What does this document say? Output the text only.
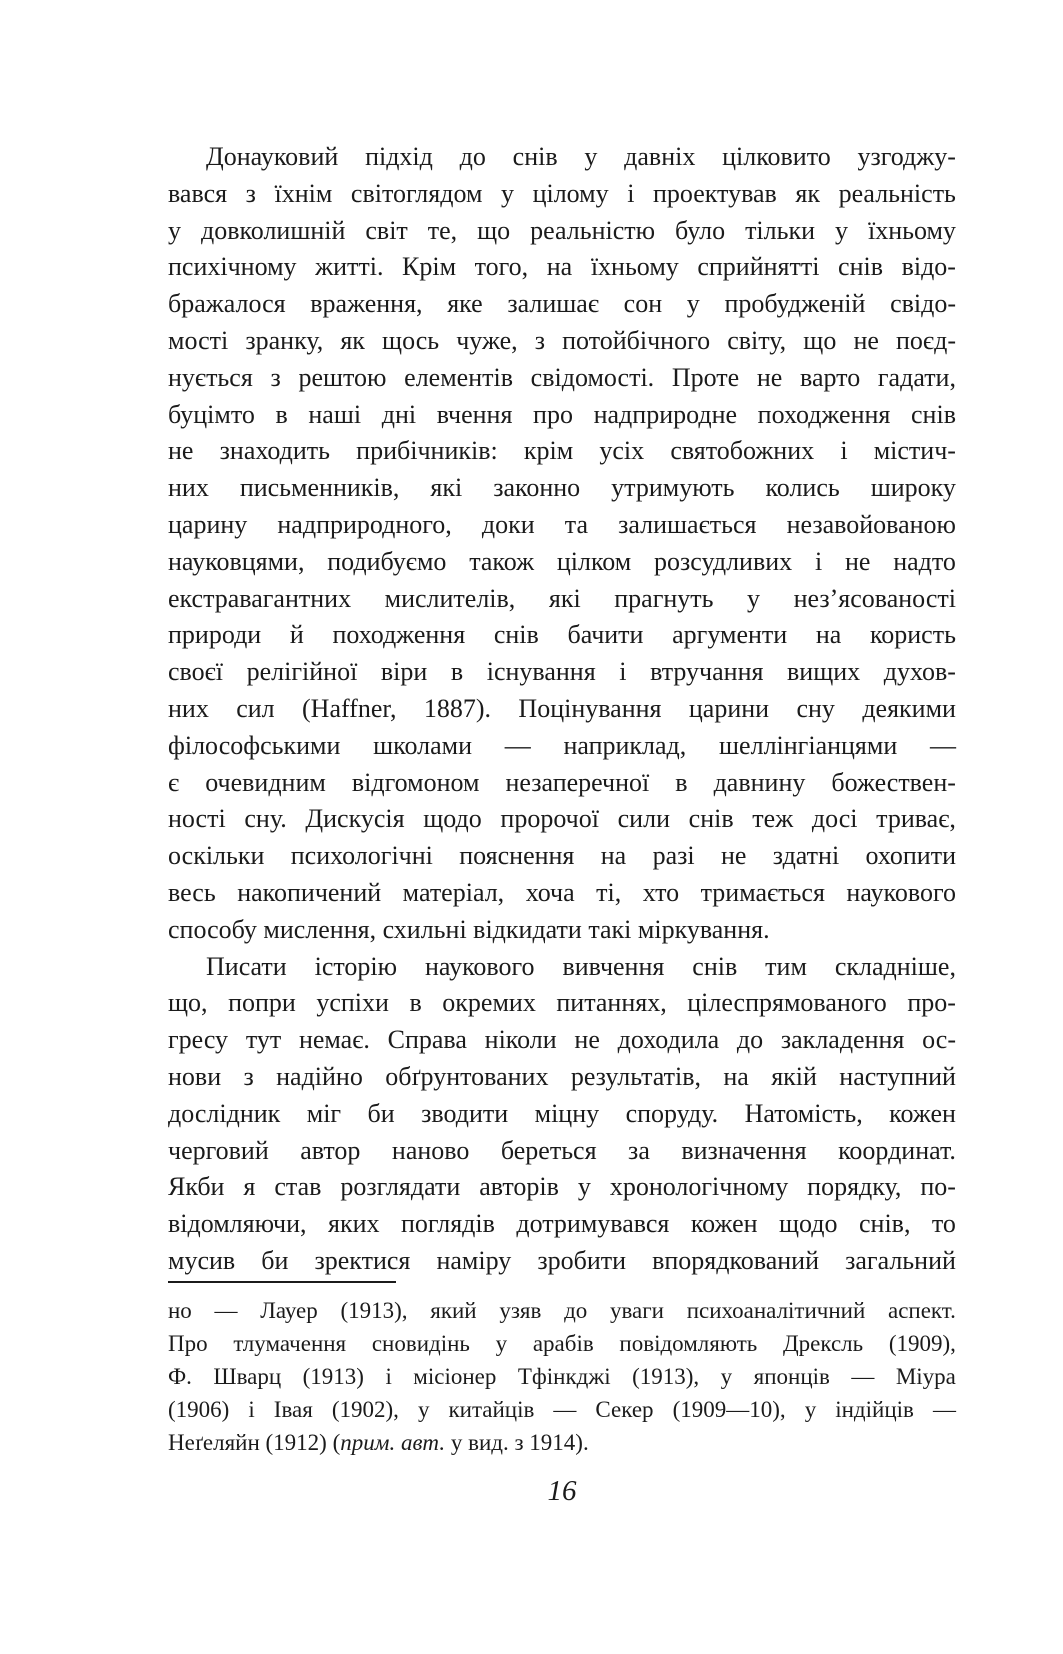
Донауковий підхід до снів у давніх цілковито узгоджу-
вався з їхнім світоглядом у цілому і проектував як реальність
у довколишній світ те, що реальністю було тільки у їхньому
психічному житті. Крім того, на їхньому сприйнятті снів відо-
бражалося враження, яке залишає сон у пробудженій свідо-
мості зранку, як щось чуже, з потойбічного світу, що не поєд-
нується з рештою елементів свідомості. Проте не варто гадати,
буцімто в наші дні вчення про надприродне походження снів
не знаходить прибічників: крім усіх святобожних і містич-
них письменників, які законно утримують колись широку
царину надприродного, доки та залишається незавойованою
науковцями, подибуємо також цілком розсудливих і не надто
екстравагантних мислителів, які прагнуть у нез’ясованості
природи й походження снів бачити аргументи на користь
своєї релігійної віри в існування і втручання вищих духов-
них сил (Haffner, 1887). Поцінування царини сну деякими
філософськими школами — наприклад, шеллінгіанцями —
є очевидним відгомоном незаперечної в давнину божествен-
ності сну. Дискусія щодо пророчої сили снів теж досі триває,
оскільки психологічні пояснення на разі не здатні охопити
весь накопичений матеріал, хоча ті, хто тримається наукового
способу мислення, схильні відкидати такі міркування.
Писати історію наукового вивчення снів тим складніше,
що, попри успіхи в окремих питаннях, цілеспрямованого про-
гресу тут немає. Справа ніколи не доходила до закладення ос-
нови з надійно обґрунтованих результатів, на якій наступний
дослідник міг би зводити міцну споруду. Натомість, кожен
черговий автор наново береться за визначення координат.
Якби я став розглядати авторів у хронологічному порядку, по-
відомляючи, яких поглядів дотримувався кожен щодо снів, то
мусив би зректися наміру зробити впорядкований загальний
но — Лауер (1913), який узяв до уваги психоаналітичний аспект.
Про тлумачення сновидінь у арабів повідомляють Дрексль (1909),
Ф. Шварц (1913) і місіонер Тфінкджі (1913), у японців — Міура
(1906) і Івая (1902), у китайців — Секер (1909—10), у індійців —
Неґеляйн (1912) (прим. авт. у вид. з 1914).
16
